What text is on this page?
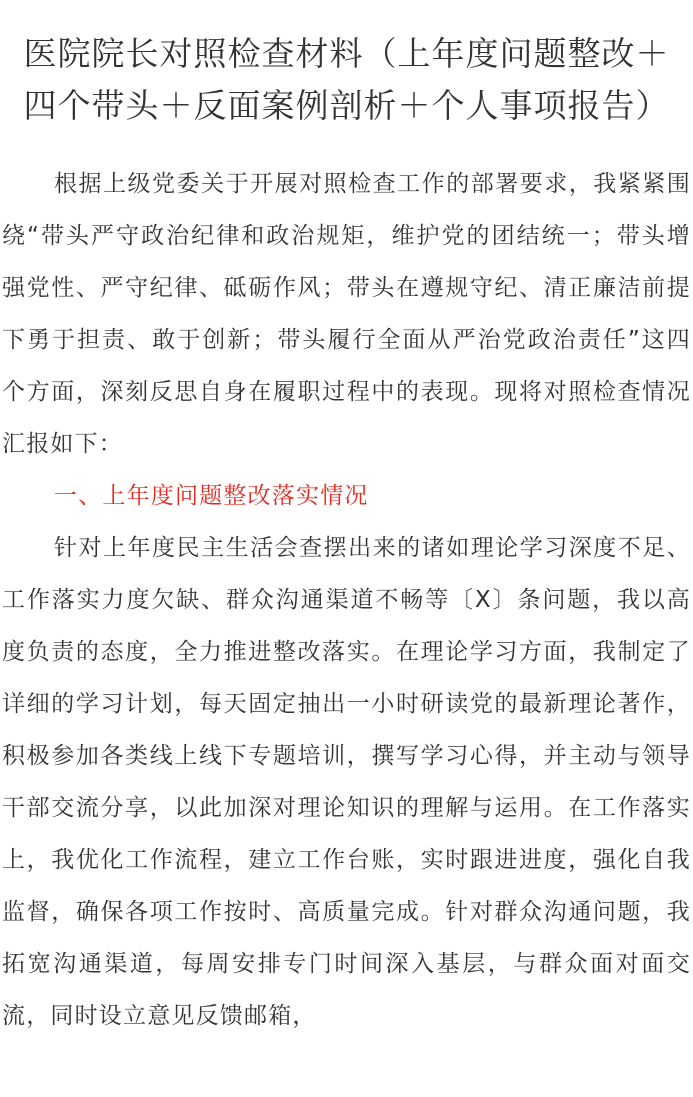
医院院长对照检查材料（上年度问题整改＋
四个带头＋反面案例剖析＋个人事项报告）

根据上级党委关于开展对照检查工作的部署要求，我紧紧围绕“带头严守政治纪律和政治规矩，维护党的团结统一；带头增强党性、严守纪律、砥砺作风；带头在遵规守纪、清正廉洁前提下勇于担责、敢于创新；带头履行全面从严治党政治责任”这四个方面，深刻反思自身在履职过程中的表现。现将对照检查情况汇报如下：

一、上年度问题整改落实情况

针对上年度民主生活会查摆出来的诸如理论学习深度不足、工作落实力度欠缺、群众沟通渠道不畅等〔X〕条问题，我以高度负责的态度，全力推进整改落实。在理论学习方面，我制定了详细的学习计划，每天固定抽出一小时研读党的最新理论著作，积极参加各类线上线下专题培训，撰写学习心得，并主动与领导干部交流分享，以此加深对理论知识的理解与运用。在工作落实上，我优化工作流程，建立工作台账，实时跟进进度，强化自我监督，确保各项工作按时、高质量完成。针对群众沟通问题，我拓宽沟通渠道，每周安排专门时间深入基层，与群众面对面交流，同时设立意见反馈邮箱，
